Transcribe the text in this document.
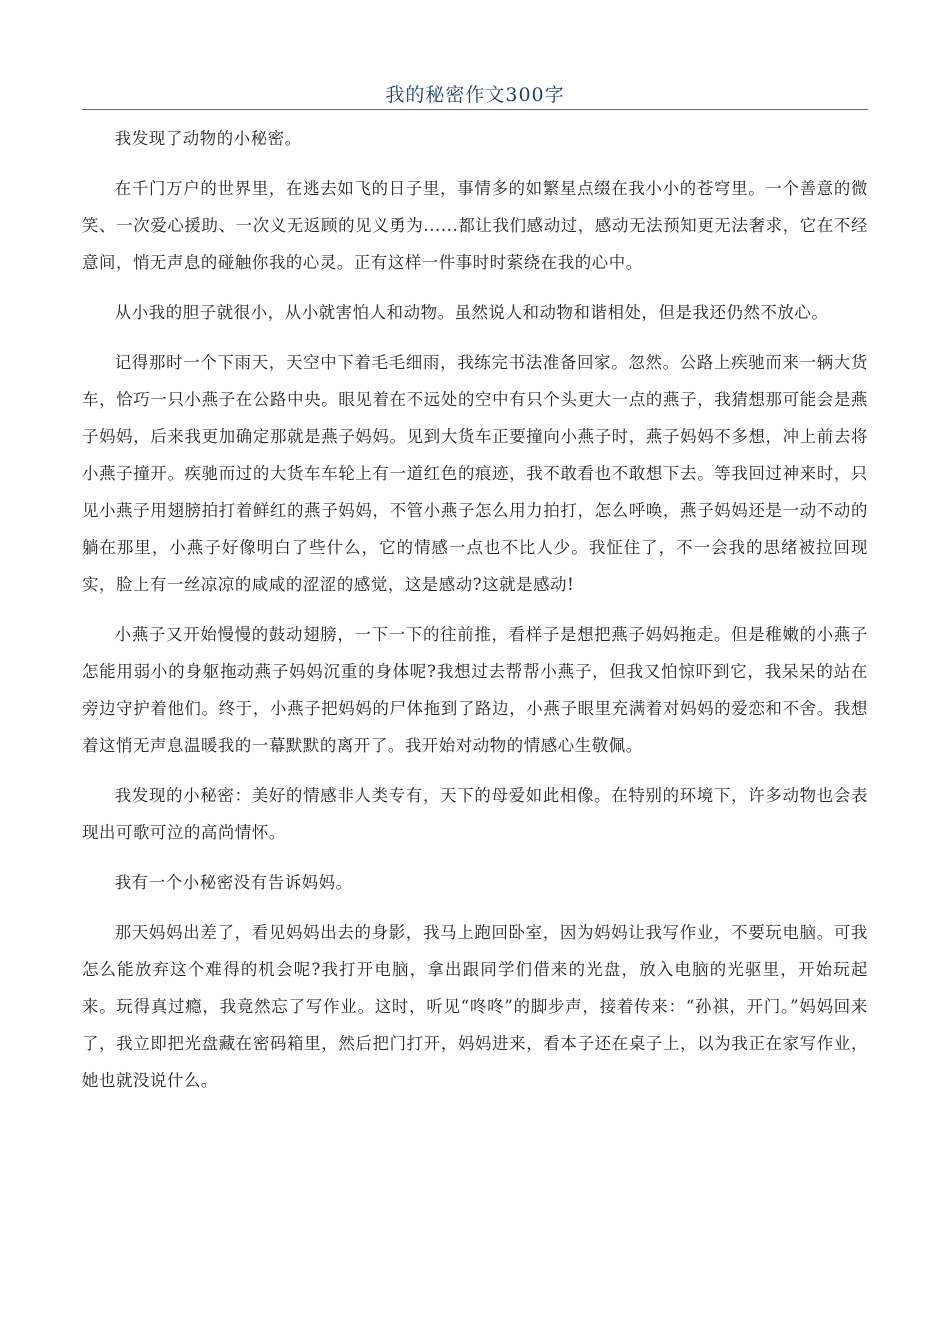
我的秘密作文300字

我发现了动物的小秘密。

在千门万户的世界里，在逃去如飞的日子里，事情多的如繁星点缀在我小小的苍穹里。一个善意的微笑、一次爱心援助、一次义无返顾的见义勇为......都让我们感动过，感动无法预知更无法奢求，它在不经意间，悄无声息的碰触你我的心灵。正有这样一件事时时萦绕在我的心中。

从小我的胆子就很小，从小就害怕人和动物。虽然说人和动物和谐相处，但是我还仍然不放心。

记得那时一个下雨天，天空中下着毛毛细雨，我练完书法准备回家。忽然。公路上疾驰而来一辆大货车，恰巧一只小燕子在公路中央。眼见着在不远处的空中有只个头更大一点的燕子，我猜想那可能会是燕子妈妈，后来我更加确定那就是燕子妈妈。见到大货车正要撞向小燕子时，燕子妈妈不多想，冲上前去将小燕子撞开。疾驰而过的大货车车轮上有一道红色的痕迹，我不敢看也不敢想下去。等我回过神来时，只见小燕子用翅膀拍打着鲜红的燕子妈妈，不管小燕子怎么用力拍打，怎么呼唤，燕子妈妈还是一动不动的躺在那里，小燕子好像明白了些什么，它的情感一点也不比人少。我怔住了，不一会我的思绪被拉回现实，脸上有一丝凉凉的咸咸的涩涩的感觉，这是感动?这就是感动!

小燕子又开始慢慢的鼓动翅膀，一下一下的往前推，看样子是想把燕子妈妈拖走。但是稚嫩的小燕子怎能用弱小的身躯拖动燕子妈妈沉重的身体呢?我想过去帮帮小燕子，但我又怕惊吓到它，我呆呆的站在旁边守护着他们。终于，小燕子把妈妈的尸体拖到了路边，小燕子眼里充满着对妈妈的爱恋和不舍。我想着这悄无声息温暖我的一幕默默的离开了。我开始对动物的情感心生敬佩。

我发现的小秘密：美好的情感非人类专有，天下的母爱如此相像。在特别的环境下，许多动物也会表现出可歌可泣的高尚情怀。

我有一个小秘密没有告诉妈妈。

那天妈妈出差了，看见妈妈出去的身影，我马上跑回卧室，因为妈妈让我写作业，不要玩电脑。可我怎么能放弃这个难得的机会呢?我打开电脑，拿出跟同学们借来的光盘，放入电脑的光驱里，开始玩起来。玩得真过瘾，我竟然忘了写作业。这时，听见“咚咚”的脚步声，接着传来：“孙祺，开门。”妈妈回来了，我立即把光盘藏在密码箱里，然后把门打开，妈妈进来，看本子还在桌子上，以为我正在家写作业，她也就没说什么。
